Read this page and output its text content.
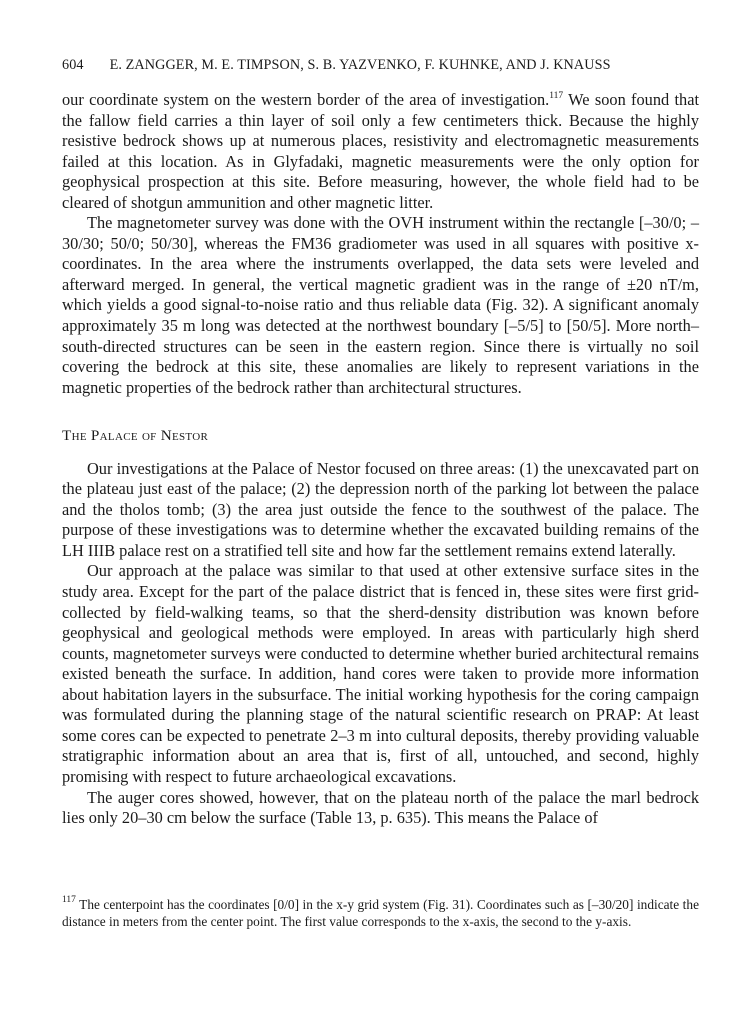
604 E. ZANGGER, M. E. TIMPSON, S. B. YAZVENKO, F. KUHNKE, AND J. KNAUSS

our coordinate system on the western border of the area of investigation.$^{117}$ We soon found that the fallow field carries a thin layer of soil only a few centimeters thick. Because the highly resistive bedrock shows up at numerous places, resistivity and electromagnetic measurements failed at this location. As in Glyfadaki, magnetic measurements were the only option for geophysical prospection at this site. Before measuring, however, the whole field had to be cleared of shotgun ammunition and other magnetic litter.

The magnetometer survey was done with the OVH instrument within the rectangle [–30/0; –30/30; 50/0; 50/30], whereas the FM36 gradiometer was used in all squares with positive x-coordinates. In the area where the instruments overlapped, the data sets were leveled and afterward merged. In general, the vertical magnetic gradient was in the range of ±20 nT/m, which yields a good signal-to-noise ratio and thus reliable data (Fig. 32). A significant anomaly approximately 35 m long was detected at the northwest boundary [–5/5] to [50/5]. More north–south-directed structures can be seen in the eastern region. Since there is virtually no soil covering the bedrock at this site, these anomalies are likely to represent variations in the magnetic properties of the bedrock rather than architectural structures.

The Palace of Nestor

Our investigations at the Palace of Nestor focused on three areas: (1) the unexcavated part on the plateau just east of the palace; (2) the depression north of the parking lot between the palace and the tholos tomb; (3) the area just outside the fence to the southwest of the palace. The purpose of these investigations was to determine whether the excavated building remains of the LH IIIB palace rest on a stratified tell site and how far the settlement remains extend laterally.

Our approach at the palace was similar to that used at other extensive surface sites in the study area. Except for the part of the palace district that is fenced in, these sites were first grid-collected by field-walking teams, so that the sherd-density distribution was known before geophysical and geological methods were employed. In areas with particularly high sherd counts, magnetometer surveys were conducted to determine whether buried architectural remains existed beneath the surface. In addition, hand cores were taken to provide more information about habitation layers in the subsurface. The initial working hypothesis for the coring campaign was formulated during the planning stage of the natural scientific research on PRAP: At least some cores can be expected to penetrate 2–3 m into cultural deposits, thereby providing valuable stratigraphic information about an area that is, first of all, untouched, and second, highly promising with respect to future archaeological excavations.

The auger cores showed, however, that on the plateau north of the palace the marl bedrock lies only 20–30 cm below the surface (Table 13, p. 635). This means the Palace of

$^{117}$ The centerpoint has the coordinates [0/0] in the x-y grid system (Fig. 31). Coordinates such as [–30/20] indicate the distance in meters from the center point. The first value corresponds to the x-axis, the second to the y-axis.
